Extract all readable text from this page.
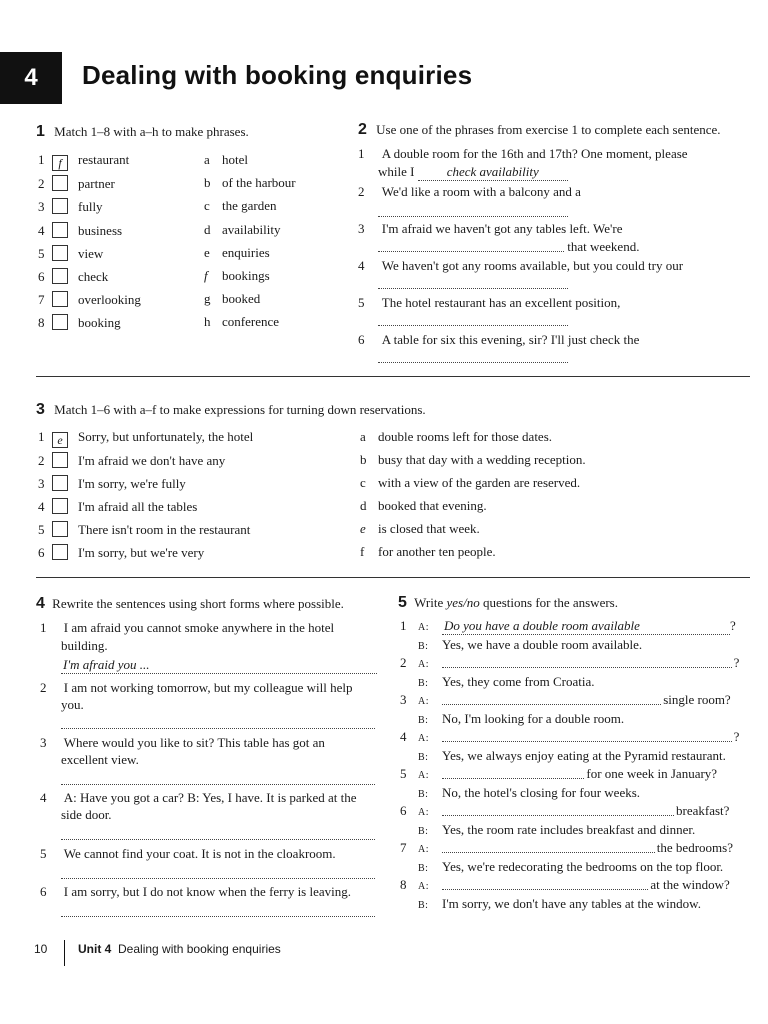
4 Dealing with booking enquiries
1 Match 1–8 with a–h to make phrases.
1 f restaurant
2	partner
3	fully
4	business
5	view
6	check
7	overlooking
8	booking
a hotel
b of the harbour
c the garden
d availability
e enquiries
f bookings
g booked
h conference
2 Use one of the phrases from exercise 1 to complete each sentence.
1 A double room for the 16th and 17th? One moment, please
while I check availability
2 We'd like a room with a balcony and a
3 I'm afraid we haven't got any tables left. We're
that weekend.
4 We haven't got any rooms available, but you could try our
5 The hotel restaurant has an excellent position,
6 A table for six this evening, sir? I'll just check the
3 Match 1–6 with a–f to make expressions for turning down reservations.
1 e Sorry, but unfortunately, the hotel
2	I'm afraid we don't have any
3	I'm sorry, we're fully
4	I'm afraid all the tables
5	There isn't room in the restaurant
6	I'm sorry, but we're very
a double rooms left for those dates.
b busy that day with a wedding reception.
c with a view of the garden are reserved.
d booked that evening.
e is closed that week.
f for another ten people.
4 Rewrite the sentences using short forms where possible.
1 I am afraid you cannot smoke anywhere in the hotel
building.
I'm afraid you ...
2 I am not working tomorrow, but my colleague will help
you.
3 Where would you like to sit? This table has got an
excellent view.
4 A: Have you got a car? B: Yes, I have. It is parked at the
side door.
5 We cannot find your coat. It is not in the cloakroom.
6 I am sorry, but I do not know when the ferry is leaving.
5 Write yes/no questions for the answers.
1 A: Do you have a double room available	?
B: Yes, we have a double room available.
2 A:	?
B: Yes, they come from Croatia.
3 A:	single room?
B: No, I'm looking for a double room.
4 A:	?
B: Yes, we always enjoy eating at the Pyramid restaurant.
5 A:	for one week in January?
B: No, the hotel's closing for four weeks.
6 A:	breakfast?
B: Yes, the room rate includes breakfast and dinner.
7 A:	the bedrooms?
B: Yes, we're redecorating the bedrooms on the top floor.
8 A:	at the window?
B: I'm sorry, we don't have any tables at the window.
10	Unit 4 Dealing with booking enquiries
